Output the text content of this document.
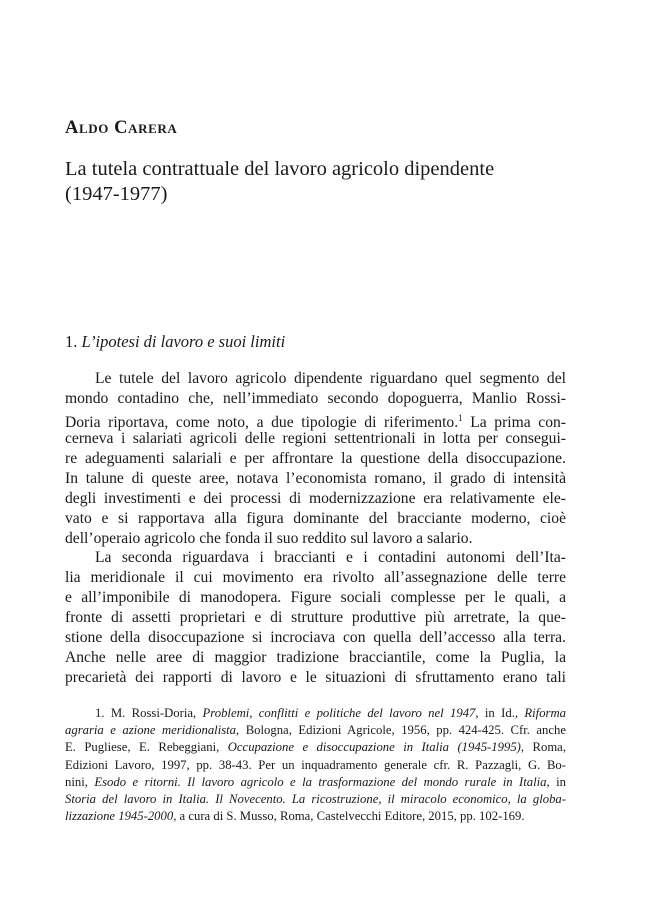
Aldo Carera
La tutela contrattuale del lavoro agricolo dipendente
(1947-1977)
1. L’ipotesi di lavoro e suoi limiti
Le tutele del lavoro agricolo dipendente riguardano quel segmento del
mondo contadino che, nell’immediato secondo dopoguerra, Manlio Rossi-
Doria riportava, come noto, a due tipologie di riferimento.$^1$ La prima con-
cerneva i salariati agricoli delle regioni settentrionali in lotta per consegui-
re adeguamenti salariali e per affrontare la questione della disoccupazione.
In talune di queste aree, notava l’economista romano, il grado di intensità
degli investimenti e dei processi di modernizzazione era relativamente ele-
vato e si rapportava alla figura dominante del bracciante moderno, cioè
dell’operaio agricolo che fonda il suo reddito sul lavoro a salario.
La seconda riguardava i braccianti e i contadini autonomi dell’Ita-
lia meridionale il cui movimento era rivolto all’assegnazione delle terre
e all’imponibile di manodopera. Figure sociali complesse per le quali, a
fronte di assetti proprietari e di strutture produttive più arretrate, la que-
stione della disoccupazione si incrociava con quella dell’accesso alla terra.
Anche nelle aree di maggior tradizione bracciantile, come la Puglia, la
precarietà dei rapporti di lavoro e le situazioni di sfruttamento erano tali
1. M. Rossi-Doria, Problemi, conflitti e politiche del lavoro nel 1947, in Id., Riforma
agraria e azione meridionalista, Bologna, Edizioni Agricole, 1956, pp. 424-425. Cfr. anche
E. Pugliese, E. Rebeggiani, Occupazione e disoccupazione in Italia (1945-1995), Roma,
Edizioni Lavoro, 1997, pp. 38-43. Per un inquadramento generale cfr. R. Pazzagli, G. Bo-
nini, Esodo e ritorni. Il lavoro agricolo e la trasformazione del mondo rurale in Italia, in
Storia del lavoro in Italia. Il Novecento. La ricostruzione, il miracolo economico, la globa-
lizzazione 1945-2000, a cura di S. Musso, Roma, Castelvecchi Editore, 2015, pp. 102-169.
